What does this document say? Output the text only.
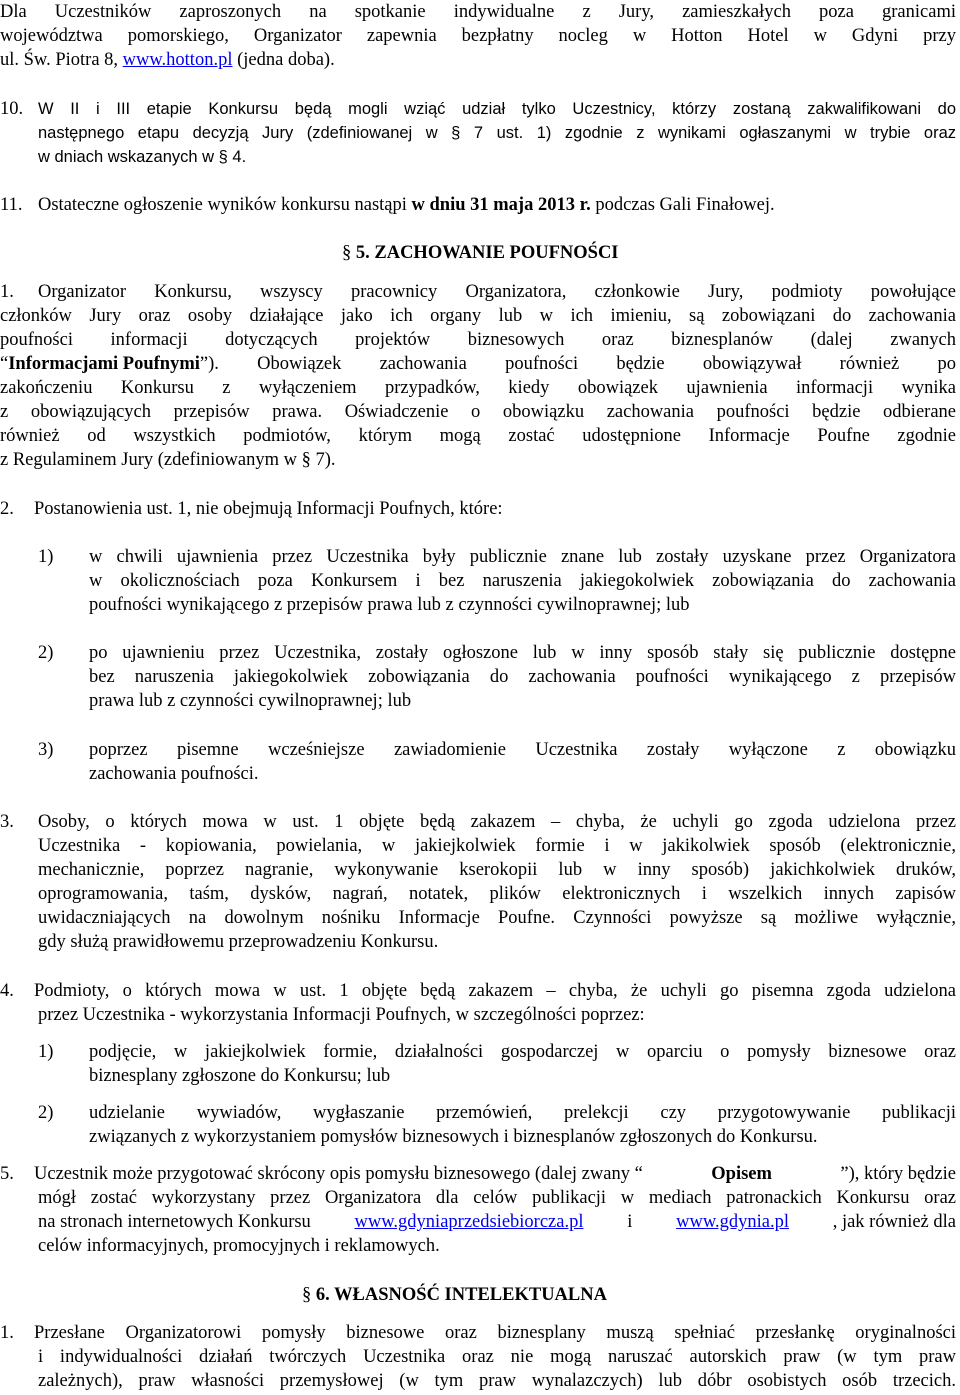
Dla Uczestników zaproszonych na spotkanie indywidualne z Jury, zamieszkałych poza granicami
województwa pomorskiego, Organizator zapewnia bezpłatny nocleg w Hotton Hotel w Gdyni przy
ul. Św. Piotra 8, www.hotton.pl (jedna doba).
10. W II i III etapie Konkursu będą mogli wziąć udział tylko Uczestnicy, którzy zostaną zakwalifikowani do
następnego etapu decyzją Jury (zdefiniowanej w § 7 ust. 1) zgodnie z wynikami ogłaszanymi w trybie oraz
w dniach wskazanych w § 4.
11. Ostateczne ogłoszenie wyników konkursu nastąpi w dniu 31 maja 2013 r. podczas Gali Finałowej.
§ 5. ZACHOWANIE POUFNOŚCI
1. Organizator Konkursu, wszyscy pracownicy Organizatora, członkowie Jury, podmioty powołujące
członków Jury oraz osoby działające jako ich organy lub w ich imieniu, są zobowiązani do zachowania
poufności informacji dotyczących projektów biznesowych oraz biznesplanów (dalej zwanych
“Informacjami Poufnymi ”). Obowiązek zachowania poufności będzie obowiązywał również po
zakończeniu Konkursu z wyłączeniem przypadków, kiedy obowiązek ujawnienia informacji wynika
z obowiązujących przepisów prawa. Oświadczenie o obowiązku zachowania poufności będzie odbierane
również od wszystkich podmiotów, którym mogą zostać udostępnione Informacje Poufne zgodnie
z Regulaminem Jury (zdefiniowanym w § 7).
2. Postanowienia ust. 1, nie obejmują Informacji Poufnych, które:
1) w chwili ujawnienia przez Uczestnika były publicznie znane lub zostały uzyskane przez Organizatora
w okolicznościach poza Konkursem i bez naruszenia jakiegokolwiek zobowiązania do zachowania
poufności wynikającego z przepisów prawa lub z czynności cywilnoprawnej; lub
2) po ujawnieniu przez Uczestnika, zostały ogłoszone lub w inny sposób stały się publicznie dostępne
bez naruszenia jakiegokolwiek zobowiązania do zachowania poufności wynikającego z przepisów
prawa lub z czynności cywilnoprawnej; lub
3) poprzez pisemne wcześniejsze zawiadomienie Uczestnika zostały wyłączone z obowiązku
zachowania poufności.
3. Osoby, o których mowa w ust. 1 objęte będą zakazem – chyba, że uchyli go zgoda udzielona przez
Uczestnika - kopiowania, powielania, w jakiejkolwiek formie i w jakikolwiek sposób (elektronicznie,
mechanicznie, poprzez nagranie, wykonywanie kserokopii lub w inny sposób) jakichkolwiek druków,
oprogramowania, taśm, dysków, nagrań, notatek, plików elektronicznych i wszelkich innych zapisów
uwidaczniających na dowolnym nośniku Informacje Poufne. Czynności powyższe są możliwe wyłącznie,
gdy służą prawidłowemu przeprowadzeniu Konkursu.
4. Podmioty, o których mowa w ust. 1 objęte będą zakazem – chyba, że uchyli go pisemna zgoda udzielona
przez Uczestnika - wykorzystania Informacji Poufnych, w szczególności poprzez:
1) podjęcie, w jakiejkolwiek formie, działalności gospodarczej w oparciu o pomysły biznesowe oraz
biznesplany zgłoszone do Konkursu; lub
2) udzielanie wywiadów, wygłaszanie przemówień, prelekcji czy przygotowywanie publikacji
związanych z wykorzystaniem pomysłów biznesowych i biznesplanów zgłoszonych do Konkursu.
5. Uczestnik może przygotować skrócony opis pomysłu biznesowego (dalej zwany “	Opisem	”), który będzie
mógł zostać wykorzystany przez Organizatora dla celów publikacji w mediach patronackich Konkursu oraz
na stronach internetowych Konkursu www.gdyniaprzedsiebiorcza.pl i www.gdynia.pl , jak również dla
celów informacyjnych, promocyjnych i reklamowych.
§ 6. WŁASNOŚĆ INTELEKTUALNA
1. Przesłane Organizatorowi pomysły biznesowe oraz biznesplany muszą spełniać przesłankę oryginalności
i indywidualności działań twórczych Uczestnika oraz nie mogą naruszać autorskich praw (w tym praw
zależnych), praw własności przemysłowej (w tym praw wynalazczych) lub dóbr osobistych osób trzecich.
